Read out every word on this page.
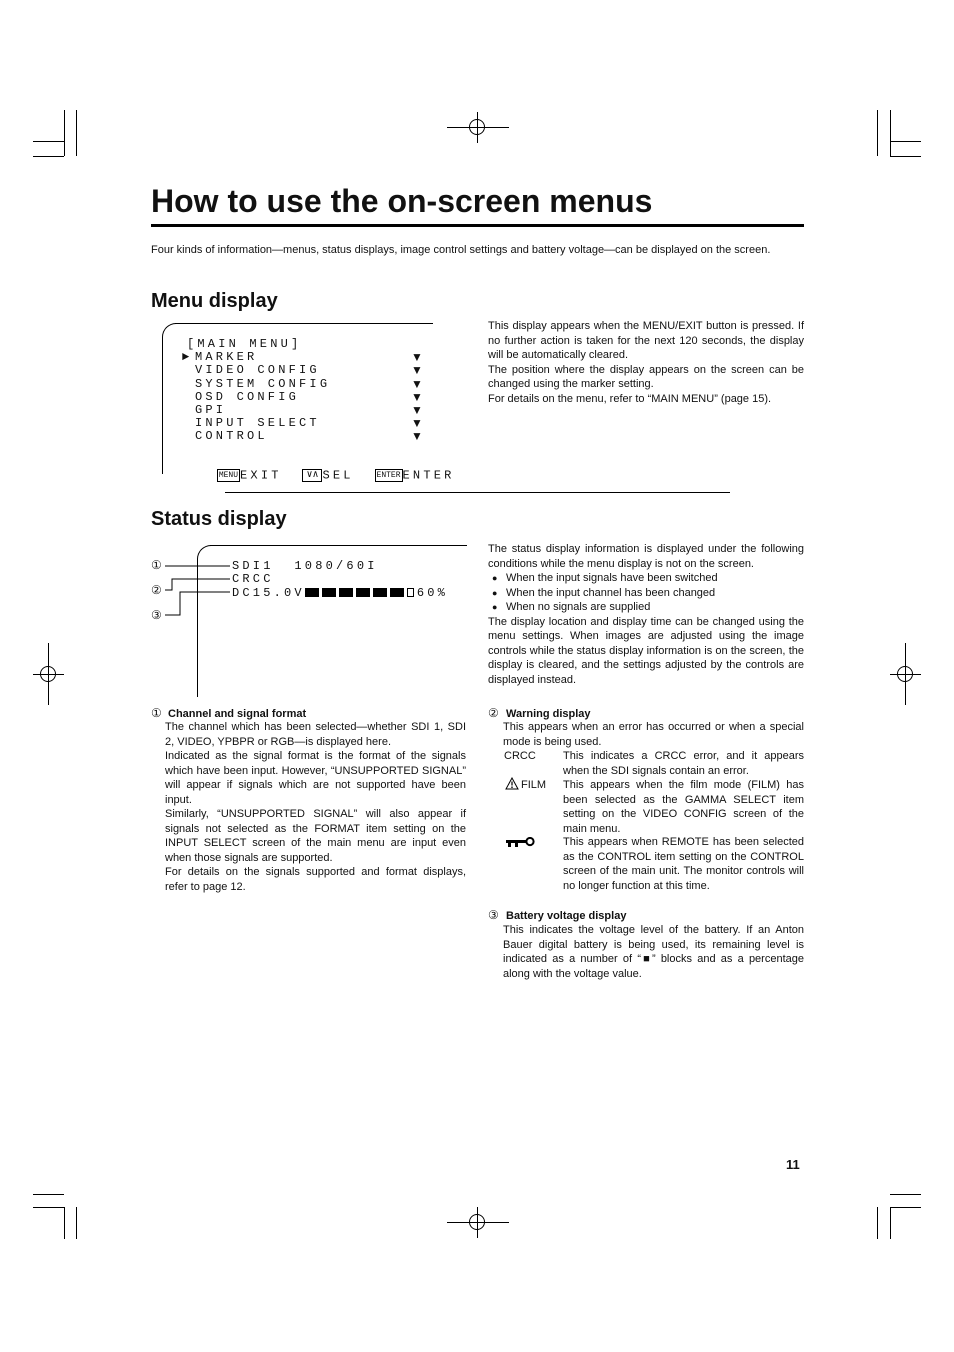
How to use the on-screen menus
Four kinds of information—menus, status displays, image control settings and battery voltage—can be displayed on the screen.
Menu display
[MAIN MENU]
► MARKER
VIDEO CONFIG
SYSTEM CONFIG
OSD CONFIG
GPI
INPUT SELECT
CONTROL
▼
▼
▼
▼
▼
▼
▼

MENU EXIT ∨∧ SEL	ENTER ENTER

This display appears when the MENU/EXIT button is pressed. If no further action is taken for the next 120 seconds, the display will be automatically cleared.

The position where the display appears on the screen can be changed using the marker setting.

For details on the menu, refer to “MAIN MENU” (page 15).

Status display
①
②
③
SDI1  1080/60I
CRCC
DC15.0V	60%

The status display information is displayed under the following conditions while the menu display is not on the screen.

● When the input signals have been switched

● When the input channel has been changed

● When no signals are supplied

The display location and display time can be changed using the menu settings. When images are adjusted using the image controls while the status display information is on the screen, the display is cleared, and the settings adjusted by the controls are displayed instead.

① Channel and signal format

The channel which has been selected—whether SDI 1, SDI 2, VIDEO, YPBPR or RGB—is displayed here.

Indicated as the signal format is the format of the signals which have been input. However, “UNSUPPORTED SIGNAL” will appear if signals which are not supported have been input.

Similarly, “UNSUPPORTED SIGNAL” will also appear if signals not selected as the FORMAT item setting on the INPUT SELECT screen of the main menu are input even when those signals are supported.

For details on the signals supported and format displays, refer to page 12.

② Warning display
This appears when an error has occurred or when a special mode is being used.
CRCC This indicates a CRCC error, and it appears when the SDI signals contain an error.
FILM This appears when the film mode (FILM) has been selected as the GAMMA SELECT item setting on the VIDEO CONFIG screen of the main menu.
This appears when REMOTE has been selected as the CONTROL item setting on the CONTROL screen of the main unit. The monitor controls will no longer function at this time.
③ Battery voltage display
This indicates the voltage level of the battery. If an Anton Bauer digital battery is being used, its remaining level is indicated as a number of “■” blocks and as a percentage along with the voltage value.
11
